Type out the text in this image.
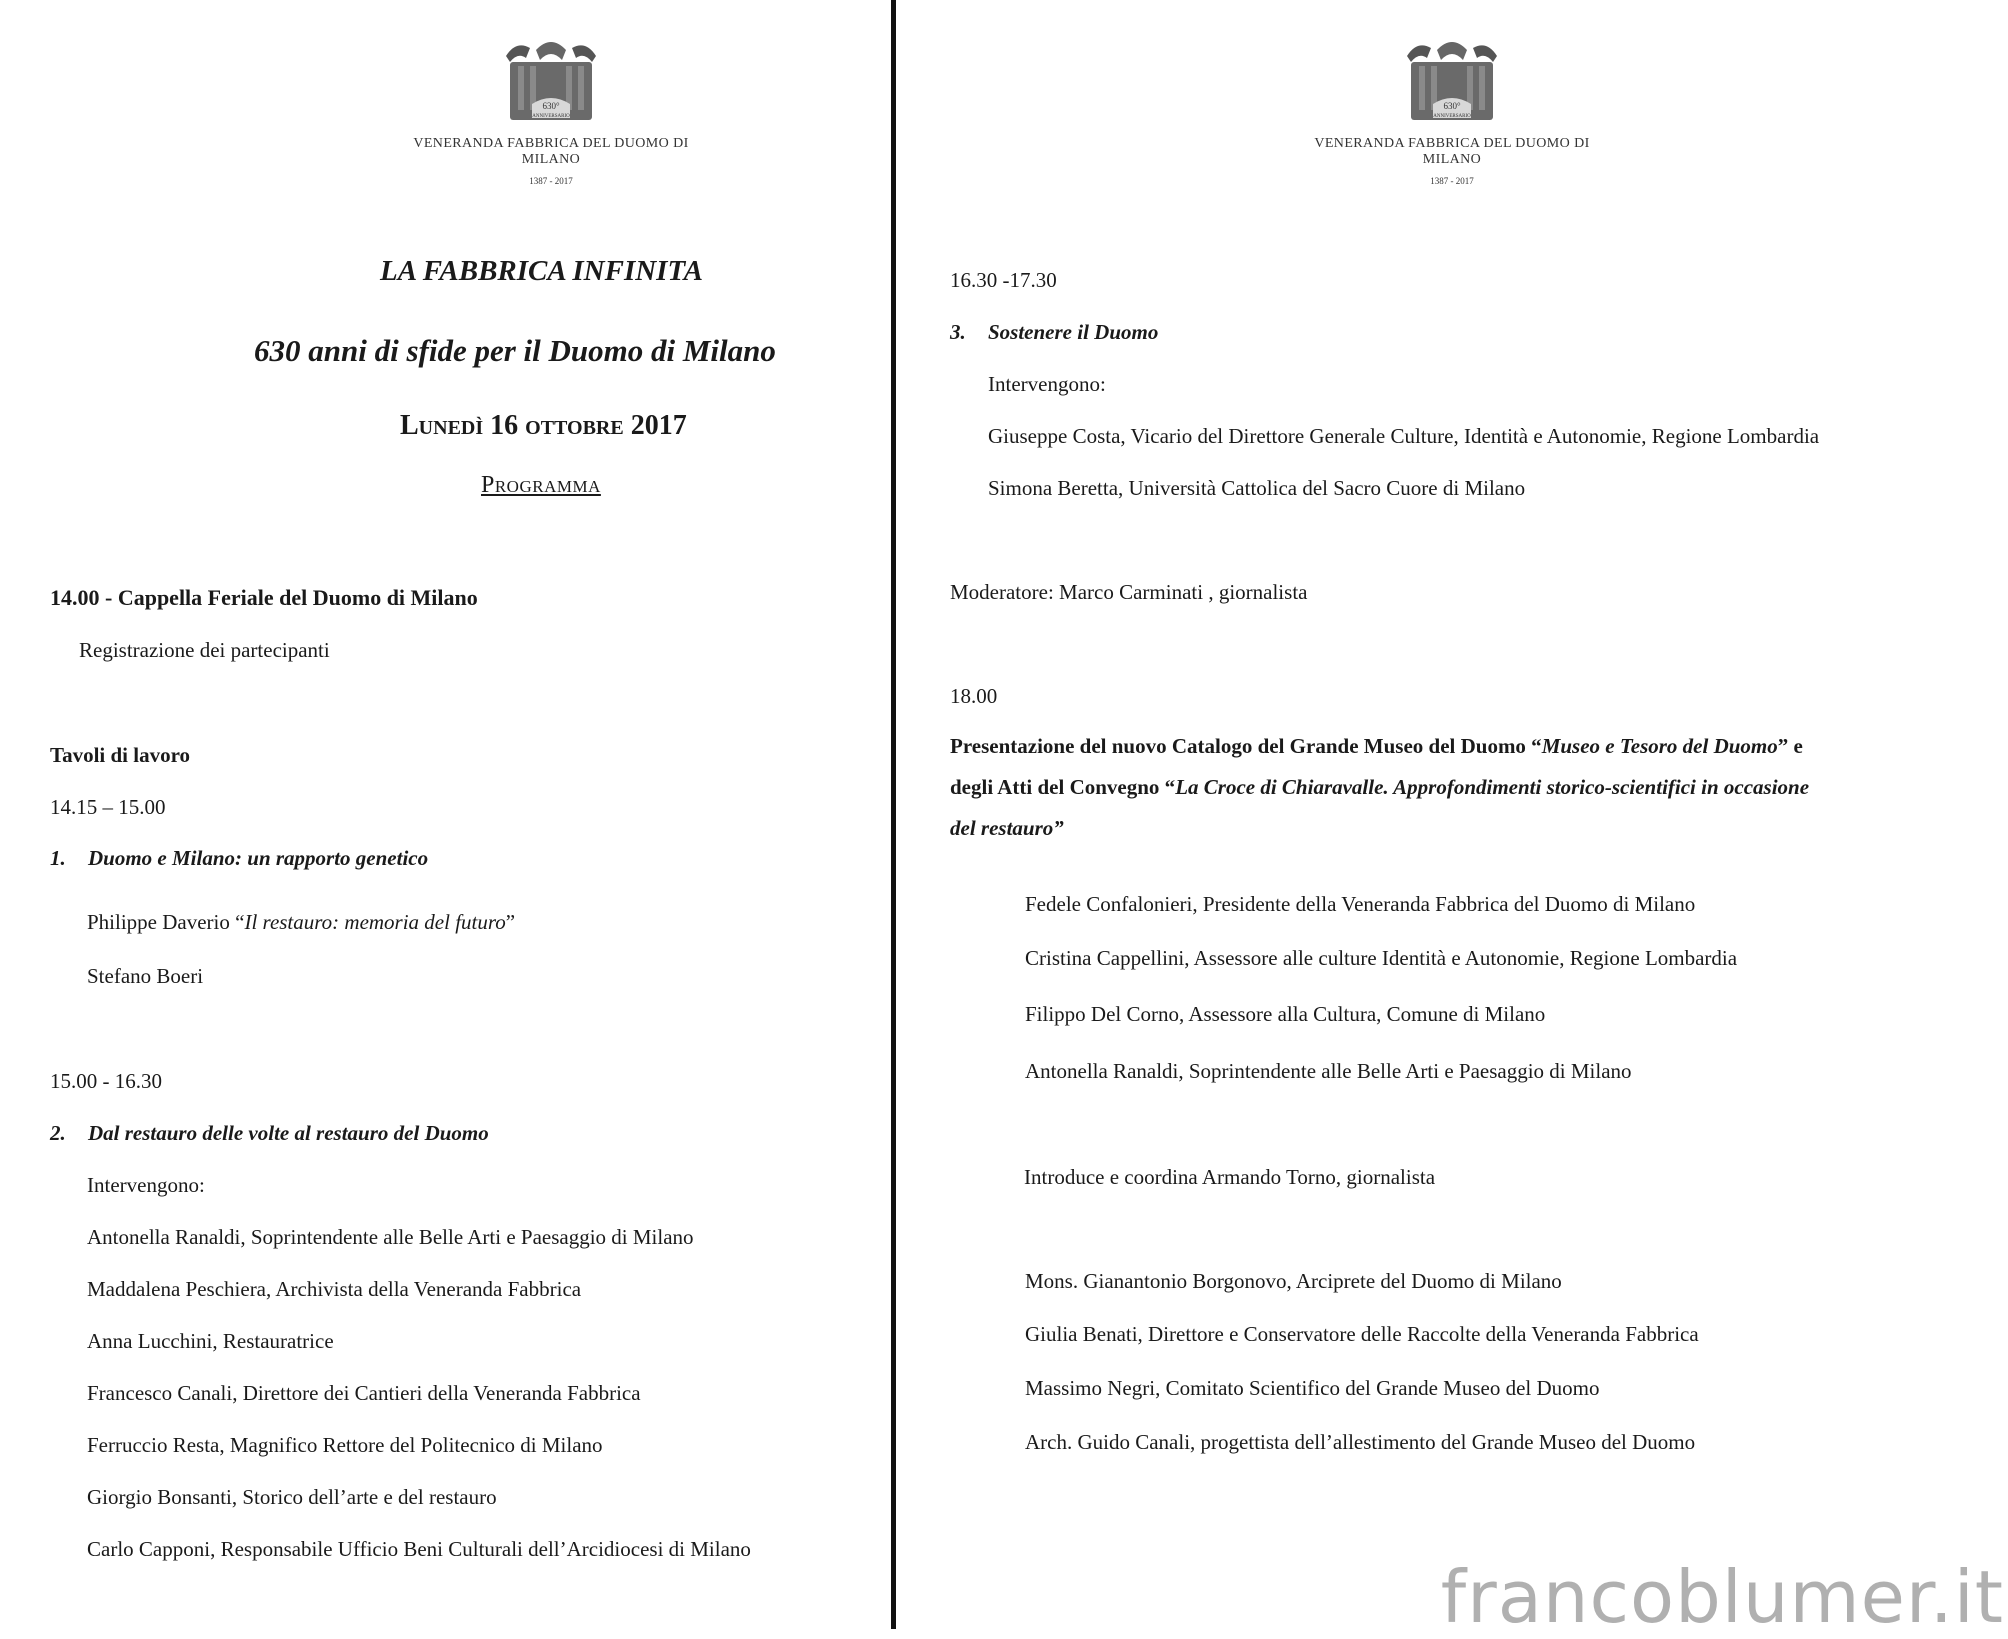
630°
ANNIVERSARIO
VENERANDA FABBRICA DEL DUOMO DI MILANO
1387 - 2017
630°
ANNIVERSARIO
VENERANDA FABBRICA DEL DUOMO DI MILANO
1387 - 2017
LA FABBRICA INFINITA
630 anni di sfide per il Duomo di Milano
Lunedì 16 ottobre 2017
Programma
14.00 - Cappella Feriale del Duomo di Milano
Registrazione dei partecipanti
Tavoli di lavoro
14.15 – 15.00
1. Duomo e Milano: un rapporto genetico
Philippe Daverio “Il restauro: memoria del futuro”
Stefano Boeri
15.00 - 16.30
2. Dal restauro delle volte al restauro del Duomo
Intervengono:
Antonella Ranaldi, Soprintendente alle Belle Arti e Paesaggio di Milano
Maddalena Peschiera, Archivista della Veneranda Fabbrica
Anna Lucchini, Restauratrice
Francesco Canali, Direttore dei Cantieri della Veneranda Fabbrica
Ferruccio Resta, Magnifico Rettore del Politecnico di Milano
Giorgio Bonsanti, Storico dell’arte e del restauro
Carlo Capponi, Responsabile Ufficio Beni Culturali dell’Arcidiocesi di Milano
16.30 -17.30
3. Sostenere il Duomo
Intervengono:
Giuseppe Costa, Vicario del Direttore Generale Culture, Identità e Autonomie, Regione Lombardia
Simona Beretta, Università Cattolica del Sacro Cuore di Milano
Moderatore: Marco Carminati , giornalista
18.00
Presentazione del nuovo Catalogo del Grande Museo del Duomo “Museo e Tesoro del Duomo” e
degli Atti del Convegno “La Croce di Chiaravalle. Approfondimenti storico-scientifici in occasione
del restauro”
Fedele Confalonieri, Presidente della Veneranda Fabbrica del Duomo di Milano
Cristina Cappellini, Assessore alle culture Identità e Autonomie, Regione Lombardia
Filippo Del Corno, Assessore alla Cultura, Comune di Milano
Antonella Ranaldi, Soprintendente alle Belle Arti e Paesaggio di Milano
Introduce e coordina Armando Torno, giornalista
Mons. Gianantonio Borgonovo, Arciprete del Duomo di Milano
Giulia Benati, Direttore e Conservatore delle Raccolte della Veneranda Fabbrica
Massimo Negri, Comitato Scientifico del Grande Museo del Duomo
Arch. Guido Canali, progettista dell’allestimento del Grande Museo del Duomo
francoblumer.it
